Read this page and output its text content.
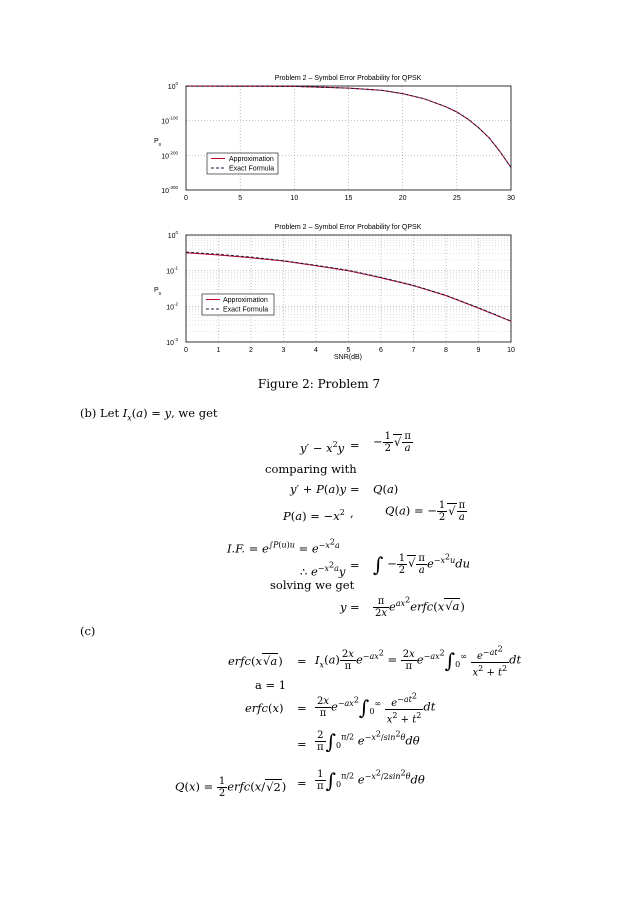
Problem 2 – Symbol Error Probability for QPSK
0	5	10	15	20	25	30
$10^0$
$10^{-100}$
$10^{-200}$
$10^{-300}$
$P_s$
Approximation
Exact Formula
Problem 2 – Symbol Error Probability for QPSK
0	1	2	3	4	5	6	7	8	9	10
$10^0$
$10^{-1}$
$10^{-2}$
$10^{-3}$
SNR(dB)
$P_s$
Approximation
Exact Formula
Figure 2: Problem 7
(b) Let $I_x(a) = y$, we get
$y' - x^2y$ = − $\frac{1}{2}$ √ $\frac{\pi}{a}$
comparing with
y′ + P(a)y = Q(a)
$P(a) = -x^2$ ,	Q(a) = − $\frac{1}{2}$ √ $\frac{\pi}{a}$
I.F. = $e^{\int P(u)u} = e^{-x^2a}$
∴ $e^{-x^2a}y$ = ∫ − $\frac{1}{2}$ √ $\frac{\pi}{a} e^{-x^2u}du$
solving we get
$y = \frac{\pi}{2x}$ $e^{ax^2}erfc(x√a)$
(c)
erfc(x√a) = $I_x(a) \frac{2x}{\pi} e^{-ax^2} = \frac{2x}{\pi} e^{-ax^2}\int_0^\infty \frac{e^{-at^2}}{x^2 + t^2}$ dt
a = 1
erfc(x) = $\frac{2x}{\pi} e^{-ax^2}\int_0^\infty \frac{e^{-at^2}}{x^2 + t^2}$ dt
= $\frac{2}{\pi} \int_0^{\pi/2}$ $e^{-x^2/sin^2\theta}d\theta$
$Q(x) = \frac{1}{2}$ erfc(x/√2) = $\frac{1}{\pi} \int_0^{\pi/2}$ $e^{-x^2/2sin^2\theta}d\theta$
